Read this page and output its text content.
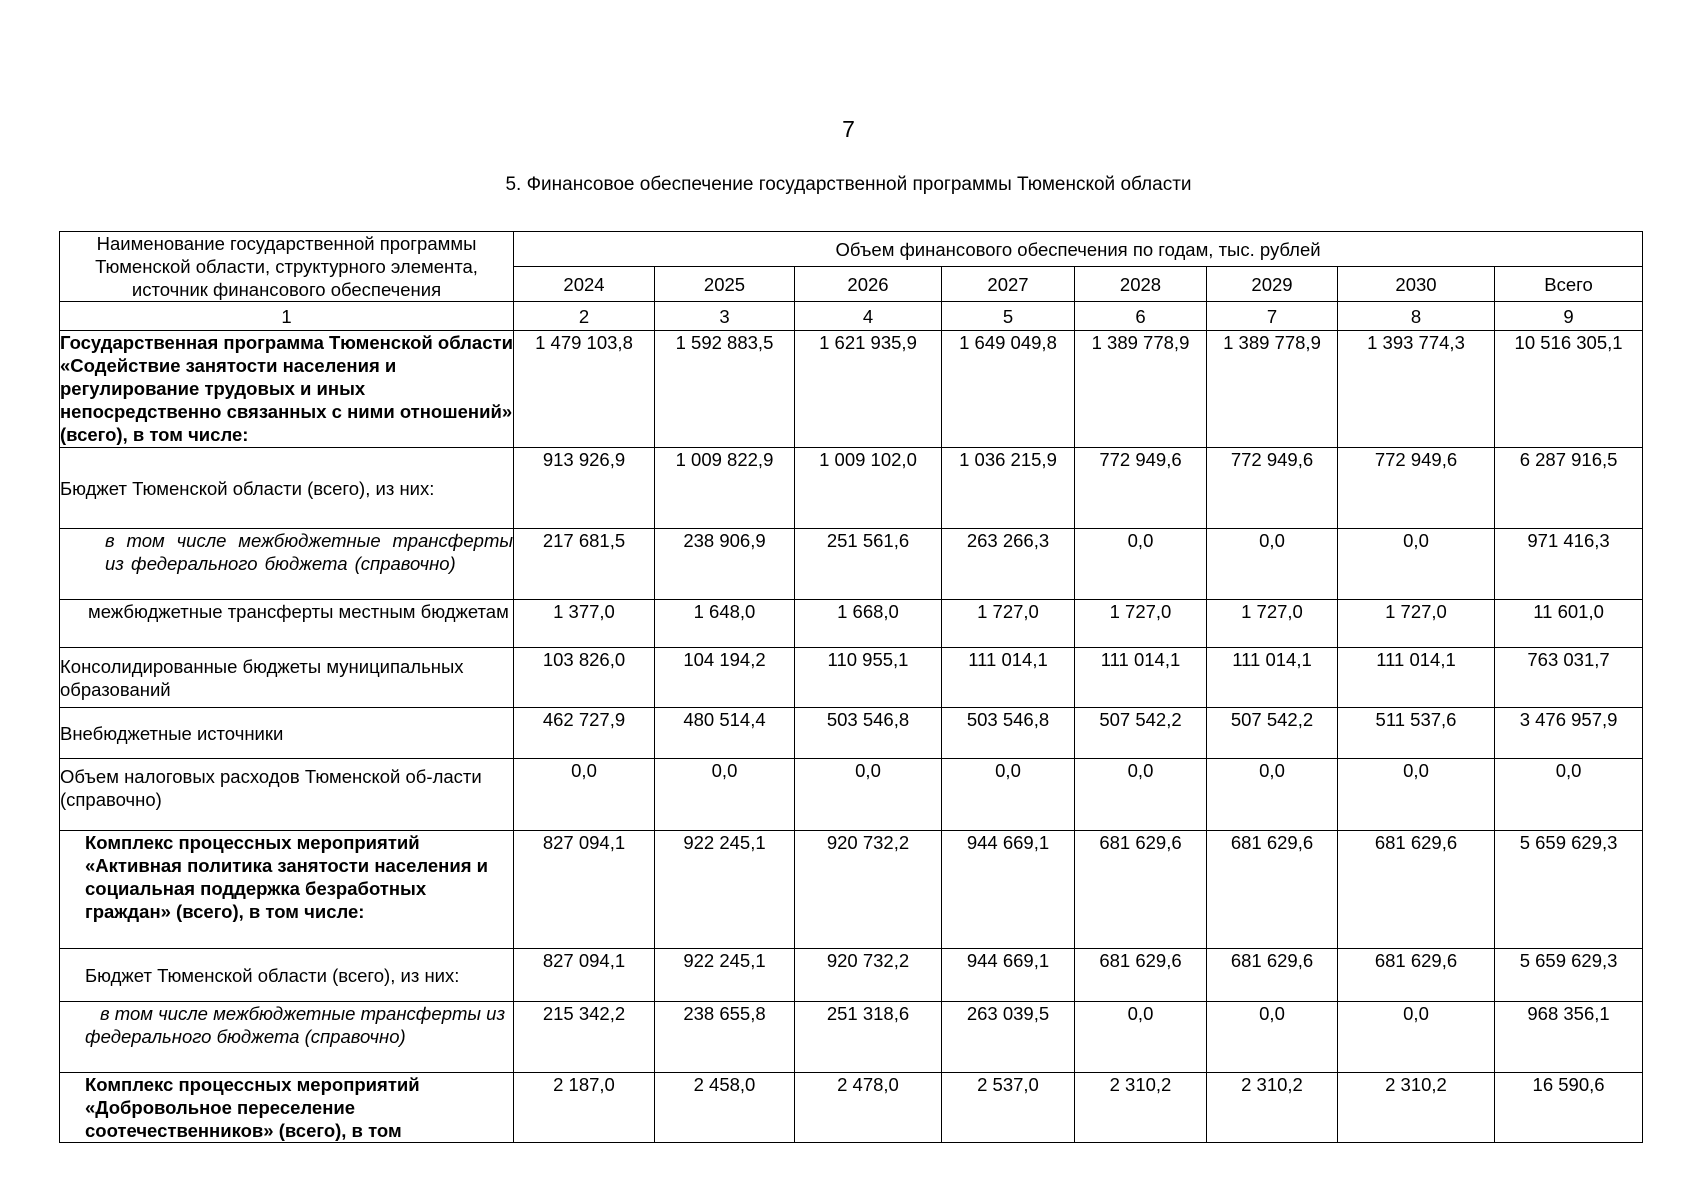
7
5. Финансовое обеспечение государственной программы Тюменской области
Наименование государственной программы Тюменской области, структурного элемента, источник финансового обеспечения	Объем финансового обеспечения по годам, тыс. рублей							
	2024	2025	2026	2027	2028	2029	2030	Всего
1	2	3	4	5	6	7	8	9
Государственная программа Тюменской области «Содействие занятости населения и регулирование трудовых и иных непосредственно связанных с ними отношений» (всего), в том числе:	1 479 103,8	1 592 883,5	1 621 935,9	1 649 049,8	1 389 778,9	1 389 778,9	1 393 774,3	10 516 305,1
Бюджет Тюменской области (всего), из них:	913 926,9	1 009 822,9	1 009 102,0	1 036 215,9	772 949,6	772 949,6	772 949,6	6 287 916,5
в том числе межбюджетные трансферты из федерального бюджета (справочно)	217 681,5	238 906,9	251 561,6	263 266,3	0,0	0,0	0,0	971 416,3
межбюджетные трансферты местным бюджетам	1 377,0	1 648,0	1 668,0	1 727,0	1 727,0	1 727,0	1 727,0	11 601,0
Консолидированные бюджеты муниципальных образований	103 826,0	104 194,2	110 955,1	111 014,1	111 014,1	111 014,1	111 014,1	763 031,7
Внебюджетные источники	462 727,9	480 514,4	503 546,8	503 546,8	507 542,2	507 542,2	511 537,6	3 476 957,9
Объем налоговых расходов Тюменской об-ласти (справочно)	0,0	0,0	0,0	0,0	0,0	0,0	0,0	0,0
Комплекс процессных мероприятий «Активная политика занятости населения и социальная поддержка безработных граждан» (всего), в том числе:	827 094,1	922 245,1	920 732,2	944 669,1	681 629,6	681 629,6	681 629,6	5 659 629,3
Бюджет Тюменской области (всего), из них:	827 094,1	922 245,1	920 732,2	944 669,1	681 629,6	681 629,6	681 629,6	5 659 629,3
в том числе межбюджетные трансферты из федерального бюджета (справочно)	215 342,2	238 655,8	251 318,6	263 039,5	0,0	0,0	0,0	968 356,1
Комплекс процессных мероприятий «Добровольное переселение соотечественников» (всего), в том	2 187,0	2 458,0	2 478,0	2 537,0	2 310,2	2 310,2	2 310,2	16 590,6
